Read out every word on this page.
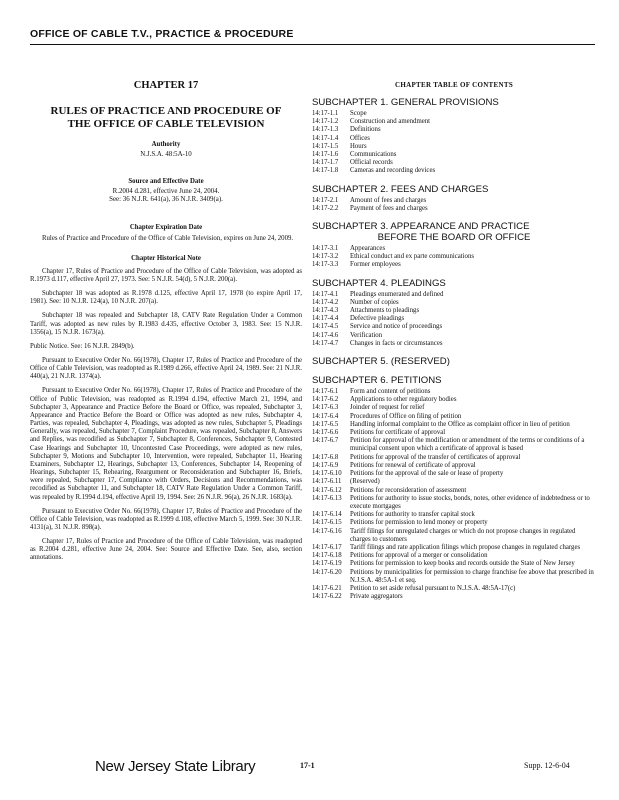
OFFICE OF CABLE T.V., PRACTICE & PROCEDURE
CHAPTER 17
RULES OF PRACTICE AND PROCEDURE OF
THE OFFICE OF CABLE TELEVISION
Authority
N.J.S.A. 48:5A-10
Source and Effective Date
R.2004 d.281, effective June 24, 2004.
See: 36 N.J.R. 641(a), 36 N.J.R. 3409(a).
Chapter Expiration Date

Rules of Practice and Procedure of the Office of Cable Television, expires on June 24, 2009.

Chapter Historical Note

Chapter 17, Rules of Practice and Procedure of the Office of Cable Television, was adopted as R.1973 d.117, effective April 27, 1973. See: 5 N.J.R. 54(d), 5 N.J.R. 200(a).

Subchapter 18 was adopted as R.1978 d.125, effective April 17, 1978 (to expire April 17, 1981). See: 10 N.J.R. 124(a), 10 N.J.R. 207(a).

Subchapter 18 was repealed and Subchapter 18, CATV Rate Regulation Under a Common Tariff, was adopted as new rules by R.1983 d.435, effective October 3, 1983. See: 15 N.J.R. 1356(a), 15 N.J.R. 1673(a).

Public Notice. See: 16 N.J.R. 2849(b).

Pursuant to Executive Order No. 66(1978), Chapter 17, Rules of Practice and Procedure of the Office of Cable Television, was readopted as R.1989 d.266, effective April 24, 1989. See: 21 N.J.R. 440(a), 21 N.J.R. 1374(a).

Pursuant to Executive Order No. 66(1978), Chapter 17, Rules of Practice and Procedure of the Office of Public Television, was readopted as R.1994 d.194, effective March 21, 1994, and Subchapter 3, Appearance and Practice Before the Board or Office, was repealed, Subchapter 3, Appearance and Practice Before the Board or Office was adopted as new rules, Subchapter 4, Parties, was repealed, Subchapter 4, Pleadings, was adopted as new rules, Subchapter 5, Pleadings Generally, was repealed, Subchapter 7, Complaint Procedure, was repealed, Subchapter 8, Answers and Replies, was recodified as Subchapter 7, Subchapter 8, Conferences, Subchapter 9, Contested Case Hearings and Subchapter 10, Uncontested Case Proceedings, were adopted as new rules, Subchapter 9, Motions and Subchapter 10, Intervention, were repealed, Subchapter 11, Hearing Examiners, Subchapter 12, Hearings, Subchapter 13, Conferences, Subchapter 14, Reopening of Hearings, Subchapter 15, Rehearing, Reargument or Reconsideration and Subchapter 16, Briefs, were repealed, Subchapter 17, Compliance with Orders, Decisions and Recommendations, was recodified as Subchapter 11, and Subchapter 18, CATV Rate Regulation Under a Common Tariff, was repealed by R.1994 d.194, effective April 19, 1994. See: 26 N.J.R. 96(a), 26 N.J.R. 1683(a).

Pursuant to Executive Order No. 66(1978), Chapter 17, Rules of Practice and Procedure of the Office of Cable Television, was readopted as R.1999 d.108, effective March 5, 1999. See: 30 N.J.R. 4131(a), 31 N.J.R. 898(a).

Chapter 17, Rules of Practice and Procedure of the Office of Cable Television, was readopted as R.2004 d.281, effective June 24, 2004. See: Source and Effective Date. See, also, section annotations.

CHAPTER TABLE OF CONTENTS
SUBCHAPTER 1. GENERAL PROVISIONS
14:17-1.1	Scope
14:17-1.2	Construction and amendment
14:17-1.3	Definitions
14:17-1.4	Offices
14:17-1.5	Hours
14:17-1.6	Communications
14:17-1.7	Official records
14:17-1.8	Cameras and recording devices
SUBCHAPTER 2. FEES AND CHARGES
14:17-2.1	Amount of fees and charges
14:17-2.2	Payment of fees and charges
SUBCHAPTER 3. APPEARANCE AND PRACTICE
BEFORE THE BOARD OR OFFICE
14:17-3.1	Appearances
14:17-3.2	Ethical conduct and ex parte communications
14:17-3.3	Former employees
SUBCHAPTER 4. PLEADINGS
14:17-4.1	Pleadings enumerated and defined
14:17-4.2	Number of copies
14:17-4.3	Attachments to pleadings
14:17-4.4	Defective pleadings
14:17-4.5	Service and notice of proceedings
14:17-4.6	Verification
14:17-4.7	Changes in facts or circumstances
SUBCHAPTER 5. (RESERVED)
SUBCHAPTER 6. PETITIONS
14:17-6.1	Form and content of petitions
14:17-6.2	Applications to other regulatory bodies
14:17-6.3	Joinder of request for relief
14:17-6.4	Procedures of Office on filing of petition
14:17-6.5	Handling informal complaint to the Office as complaint officer in lieu of petition
14:17-6.6	Petitions for certificate of approval
14:17-6.7	Petition for approval of the modification or amendment of the terms or conditions of a municipal consent upon which a certificate of approval is based
14:17-6.8	Petitions for approval of the transfer of certificates of approval
14:17-6.9	Petitions for renewal of certificate of approval
14:17-6.10	Petitions for the approval of the sale or lease of property
14:17-6.11	(Reserved)
14:17-6.12	Petitions for reconsideration of assessment
14:17-6.13	Petitions for authority to issue stocks, bonds, notes, other evidence of indebtedness or to execute mortgages
14:17-6.14	Petitions for authority to transfer capital stock
14:17-6.15	Petitions for permission to lend money or property
14:17-6.16	Tariff filings for unregulated charges or which do not propose changes in regulated charges to customers
14:17-6.17	Tariff filings and rate application filings which propose changes in regulated charges
14:17-6.18	Petitions for approval of a merger or consolidation
14:17-6.19	Petitions for permission to keep books and records outside the State of New Jersey
14:17-6.20	Petitions by municipalities for permission to charge franchise fee above that prescribed in N.J.S.A. 48:5A-1 et seq.
14:17-6.21	Petition to set aside refusal pursuant to N.J.S.A. 48:5A-17(c)
14:17-6.22	Private aggregators
New Jersey State Library	17-1	Supp. 12-6-04
